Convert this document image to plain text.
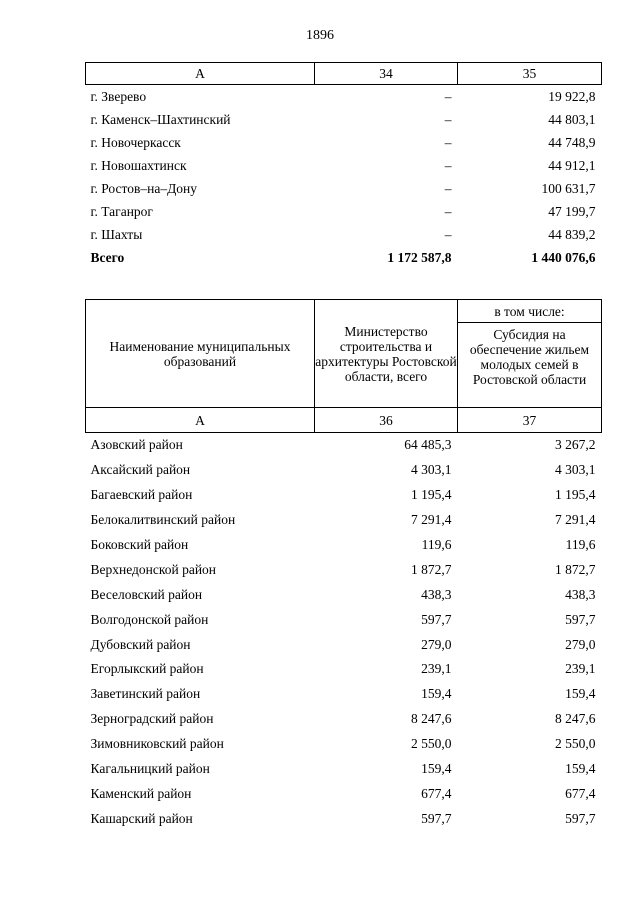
1896
А	34	35
г. Зверево	–	19 922,8
г. Каменск–Шахтинский	–	44 803,1
г. Новочеркасск	–	44 748,9
г. Новошахтинск	–	44 912,1
г. Ростов–на–Дону	–	100 631,7
г. Таганрог	–	47 199,7
г. Шахты	–	44 839,2
Всего	1 172 587,8	1 440 076,6
Наименование муниципальных образований	Министерство строительства и архитектуры Ростовской области, всего	в том числе:

		Субсидия на обеспечение жильем молодых семей в Ростовской области

А	36	37
Азовский район	64 485,3	3 267,2
Аксайский район	4 303,1	4 303,1
Багаевский район	1 195,4	1 195,4
Белокалитвинский район	7 291,4	7 291,4
Боковский район	119,6	119,6
Верхнедонской район	1 872,7	1 872,7
Веселовский район	438,3	438,3
Волгодонской район	597,7	597,7
Дубовский район	279,0	279,0
Егорлыкский район	239,1	239,1
Заветинский район	159,4	159,4
Зерноградский район	8 247,6	8 247,6
Зимовниковский район	2 550,0	2 550,0
Кагальницкий район	159,4	159,4
Каменский район	677,4	677,4
Кашарский район	597,7	597,7
